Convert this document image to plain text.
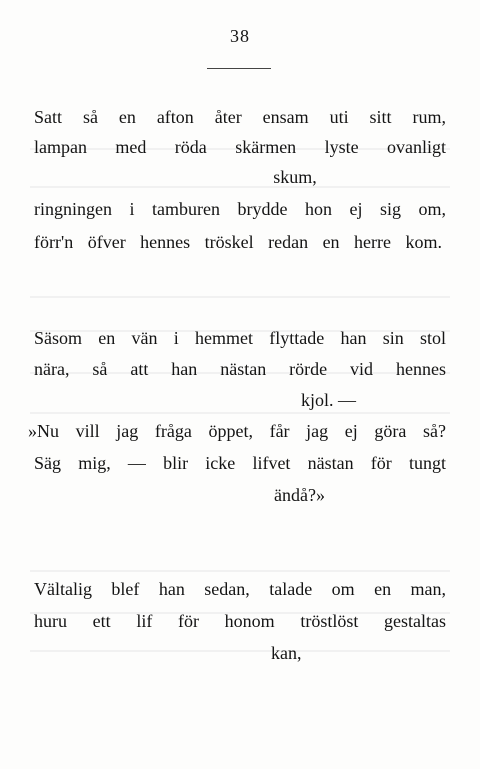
38
Satt så en afton åter ensam uti sitt rum,
lampan med röda skärmen lyste ovanligt
skum,
ringningen i tamburen brydde hon ej sig om,
förr'n öfver hennes tröskel redan en herre kom.
Säsom en vän i hemmet flyttade han sin stol
nära, så att han nästan rörde vid hennes
kjol. —
»Nu vill jag fråga öppet, får jag ej göra så?
Säg mig, — blir icke lifvet nästan för tungt
ändå?»
Vältalig blef han sedan, talade om en man,
huru ett lif för honom tröstlöst gestaltas
kan,
